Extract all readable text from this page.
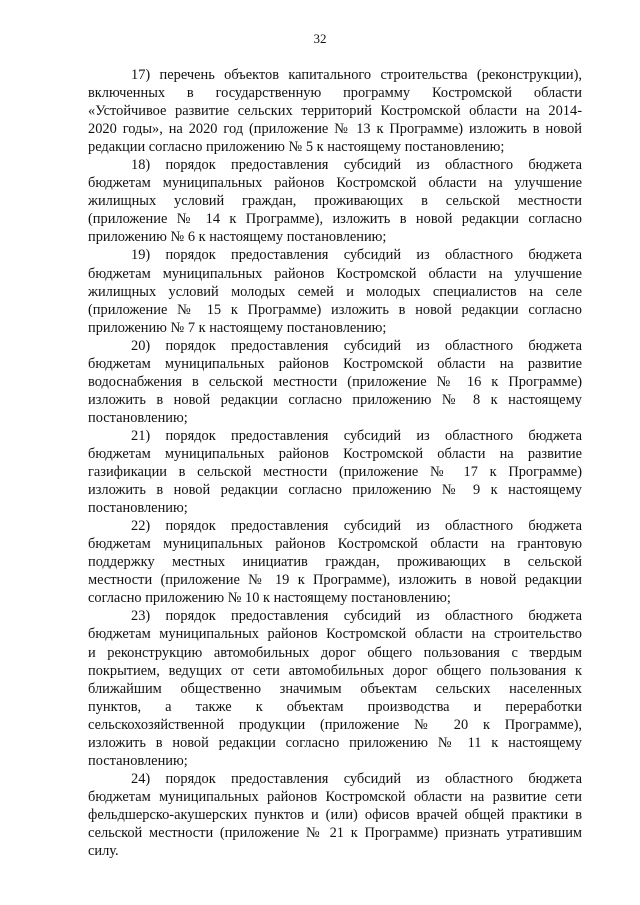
32
17) перечень объектов капитального строительства (реконструкции),
включенных в государственную программу Костромской области
«Устойчивое развитие сельских территорий Костромской области на 2014-
2020 годы», на 2020 год (приложение № 13 к Программе) изложить в новой
редакции согласно приложению № 5 к настоящему постановлению;
18) порядок предоставления субсидий из областного бюджета
бюджетам муниципальных районов Костромской области на улучшение
жилищных условий граждан, проживающих в сельской местности
(приложение № 14 к Программе), изложить в новой редакции согласно
приложению № 6 к настоящему постановлению;
19) порядок предоставления субсидий из областного бюджета
бюджетам муниципальных районов Костромской области на улучшение
жилищных условий молодых семей и молодых специалистов на селе
(приложение № 15 к Программе) изложить в новой редакции согласно
приложению № 7 к настоящему постановлению;
20) порядок предоставления субсидий из областного бюджета
бюджетам муниципальных районов Костромской области на развитие
водоснабжения в сельской местности (приложение № 16 к Программе)
изложить в новой редакции согласно приложению № 8 к настоящему
постановлению;
21) порядок предоставления субсидий из областного бюджета
бюджетам муниципальных районов Костромской области на развитие
газификации в сельской местности (приложение № 17 к Программе)
изложить в новой редакции согласно приложению № 9 к настоящему
постановлению;
22) порядок предоставления субсидий из областного бюджета
бюджетам муниципальных районов Костромской области на грантовую
поддержку местных инициатив граждан, проживающих в сельской
местности (приложение № 19 к Программе), изложить в новой редакции
согласно приложению № 10 к настоящему постановлению;
23) порядок предоставления субсидий из областного бюджета
бюджетам муниципальных районов Костромской области на строительство
и реконструкцию автомобильных дорог общего пользования с твердым
покрытием, ведущих от сети автомобильных дорог общего пользования к
ближайшим общественно значимым объектам сельских населенных
пунктов, а также к объектам производства и переработки
сельскохозяйственной продукции (приложение № 20 к Программе),
изложить в новой редакции согласно приложению № 11 к настоящему
постановлению;
24) порядок предоставления субсидий из областного бюджета
бюджетам муниципальных районов Костромской области на развитие сети
фельдшерско-акушерских пунктов и (или) офисов врачей общей практики в
сельской местности (приложение № 21 к Программе) признать утратившим
силу.
